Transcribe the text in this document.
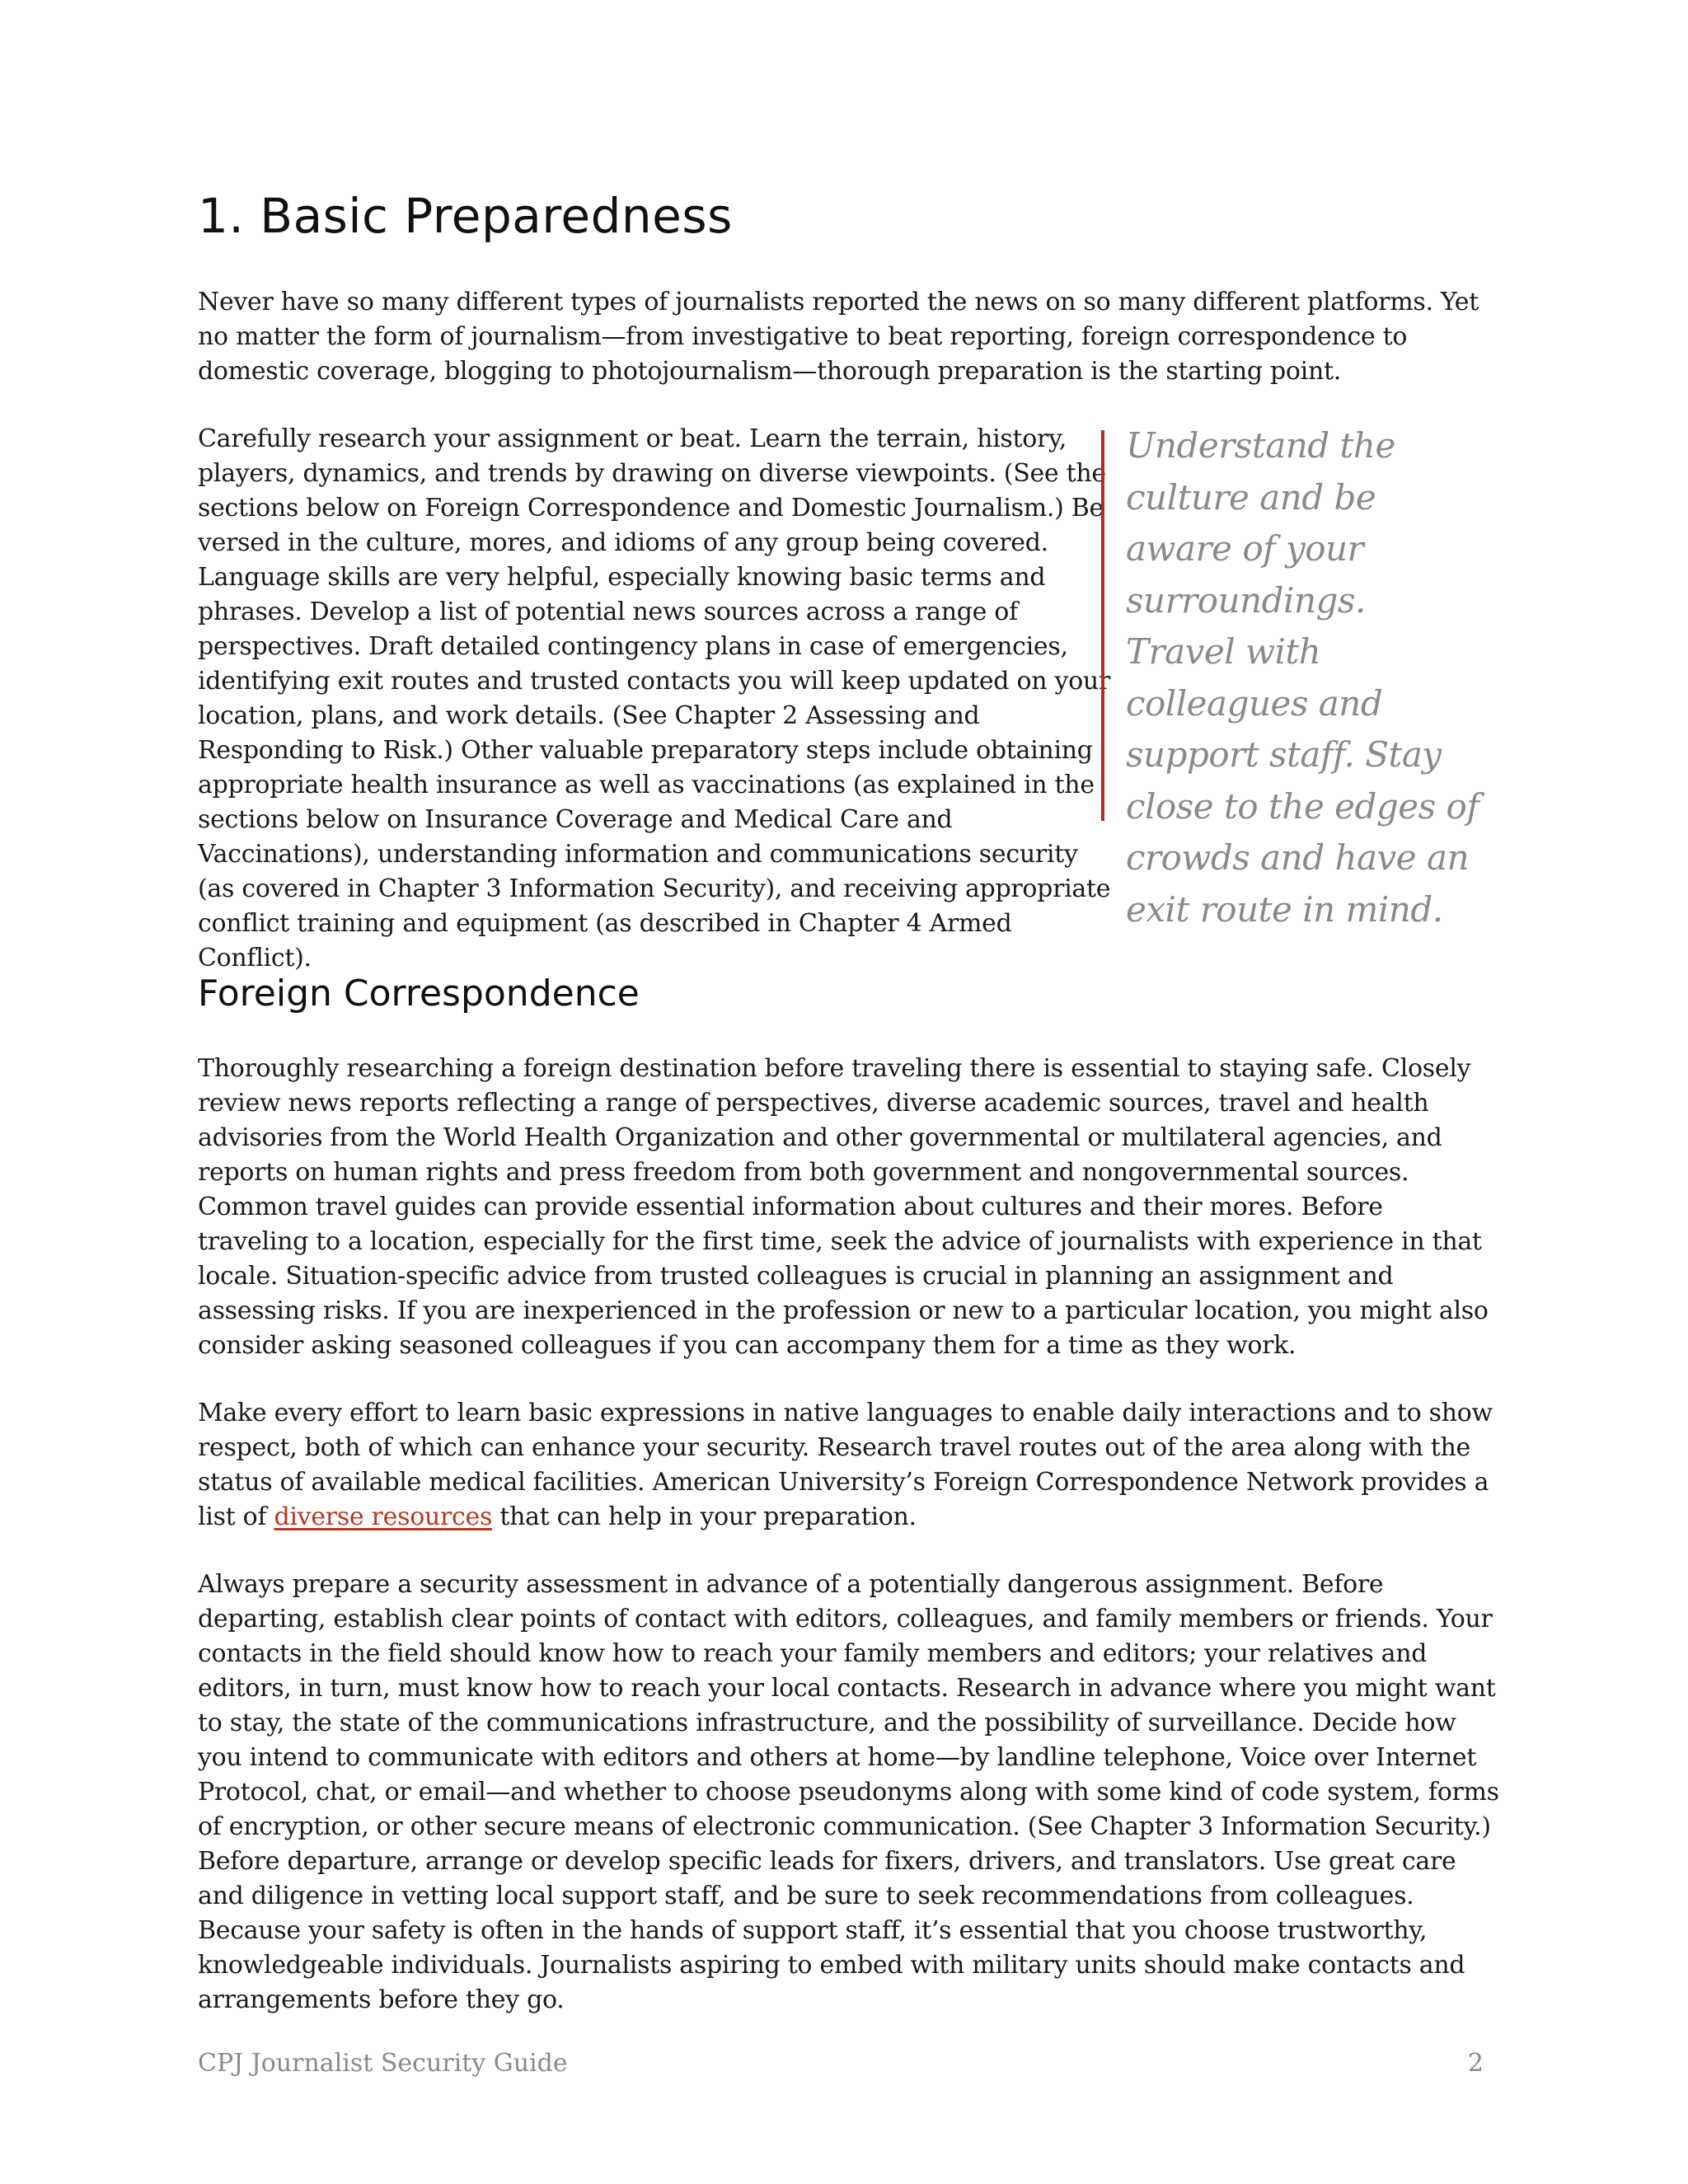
1. Basic Preparedness

Never have so many different types of journalists reported the news on so many different platforms. Yet no matter the form of journalism—from investigative to beat reporting, foreign correspondence to domestic coverage, blogging to photojournalism—thorough preparation is the starting point.

Carefully research your assignment or beat. Learn the terrain, history, players, dynamics, and trends by drawing on diverse viewpoints. (See the sections below on Foreign Correspondence and Domestic Journalism.) Be versed in the culture, mores, and idioms of any group being covered. Language skills are very helpful, especially knowing basic terms and phrases. Develop a list of potential news sources across a range of perspectives. Draft detailed contingency plans in case of emergencies, identifying exit routes and trusted contacts you will keep updated on your location, plans, and work details. (See Chapter 2 Assessing and Responding to Risk.) Other valuable preparatory steps include obtaining appropriate health insurance as well as vaccinations (as explained in the sections below on Insurance Coverage and Medical Care and Vaccinations), understanding information and communications security (as covered in Chapter 3 Information Security), and receiving appropriate conflict training and equipment (as described in Chapter 4 Armed Conflict).

Understand the culture and be aware of your surroundings. Travel with colleagues and support staff. Stay close to the edges of crowds and have an exit route in mind.

Foreign Correspondence

Thoroughly researching a foreign destination before traveling there is essential to staying safe. Closely review news reports reflecting a range of perspectives, diverse academic sources, travel and health advisories from the World Health Organization and other governmental or multilateral agencies, and reports on human rights and press freedom from both government and nongovernmental sources. Common travel guides can provide essential information about cultures and their mores. Before traveling to a location, especially for the first time, seek the advice of journalists with experience in that locale. Situation-specific advice from trusted colleagues is crucial in planning an assignment and assessing risks. If you are inexperienced in the profession or new to a particular location, you might also consider asking seasoned colleagues if you can accompany them for a time as they work.

Make every effort to learn basic expressions in native languages to enable daily interactions and to show respect, both of which can enhance your security. Research travel routes out of the area along with the status of available medical facilities. American University’s Foreign Correspondence Network provides a list of diverse resources that can help in your preparation.

Always prepare a security assessment in advance of a potentially dangerous assignment. Before departing, establish clear points of contact with editors, colleagues, and family members or friends. Your contacts in the field should know how to reach your family members and editors; your relatives and editors, in turn, must know how to reach your local contacts. Research in advance where you might want to stay, the state of the communications infrastructure, and the possibility of surveillance. Decide how you intend to communicate with editors and others at home—by landline telephone, Voice over Internet Protocol, chat, or email—and whether to choose pseudonyms along with some kind of code system, forms of encryption, or other secure means of electronic communication. (See Chapter 3 Information Security.) Before departure, arrange or develop specific leads for fixers, drivers, and translators. Use great care and diligence in vetting local support staff, and be sure to seek recommendations from colleagues. Because your safety is often in the hands of support staff, it’s essential that you choose trustworthy, knowledgeable individuals. Journalists aspiring to embed with military units should make contacts and arrangements before they go.

CPJ Journalist Security Guide	2
